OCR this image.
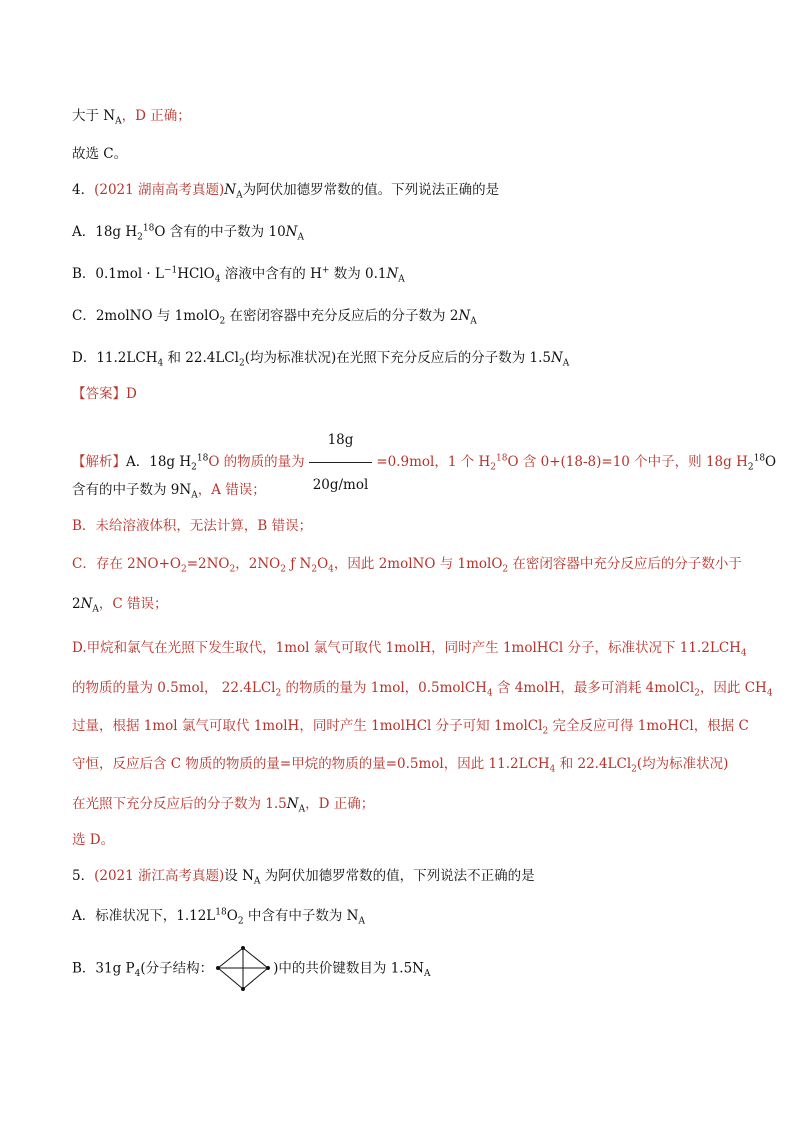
大于 $N_A$，D 正确；
故选 C。
4．(2021 湖南高考真题)$N_A$为阿伏加德罗常数的值。下列说法正确的是
A．18g $H_2^{18}O$ 含有的中子数为 $10N_A$
B．$0.1mol \cdot L^{-1}HClO_4$ 溶液中含有的 H+ 数为 $0.1N_A$
C．2molNO 与 1molO$_2$ 在密闭容器中充分反应后的分子数为 $2N_A$
D．$11.2LCH_4$ 和 22.4LCl$_2$(均为标准状况)在光照下充分反应后的分子数为 $1.5N_A$
【答案】D
【解析】A．18g $H_2^{18}O$ 的物质的量为 $\frac{18g}{\text{20g/mol}} =0.9mol$，1 个 $H_2^{18}O$ 含 0+(18-8)=10 个中子，则 18g $H_2^{18}O$
含有的中子数为 $9N_A$，A 错误；
B．未给溶液体积，无法计算，B 错误；
C．存在 $2NO+O_2=2NO_2$，$2NO_2$ ƒ $N_2O_4$，因此 2molNO 与 1molO$_2$ 在密闭容器中充分反应后的分子数小于
$2N_A$，C 错误；
D.甲烷和氯气在光照下发生取代，1mol 氯气可取代 1molH，同时产生 1molHCl 分子，标准状况下 $11.2LCH_4$
的物质的量为 0.5mol， 22.4LCl$_2$ 的物质的量为 1mol，0.5molCH$_4$ 含 4molH，最多可消耗 4molCl$_2$，因此 $CH_4$
过量，根据 1mol 氯气可取代 1molH，同时产生 1molHCl 分子可知 1molCl$_2$ 完全反应可得 1moHCl，根据 C
守恒，反应后含 C 物质的物质的量=甲烷的物质的量=0.5mol，因此 $11.2LCH_4$ 和 22.4LCl$_2$(均为标准状况)
在光照下充分反应后的分子数为 $1.5N_A$，D 正确；
选 D。
5．(2021 浙江高考真题)设 $N_A$ 为阿伏加德罗常数的值，下列说法不正确的是
A．标准状况下，$1.12L^{18}O_2$ 中含有中子数为 $N_A$
B．31g $P_4$(分子结构：	)中的共价键数目为 $1.5N_A$
